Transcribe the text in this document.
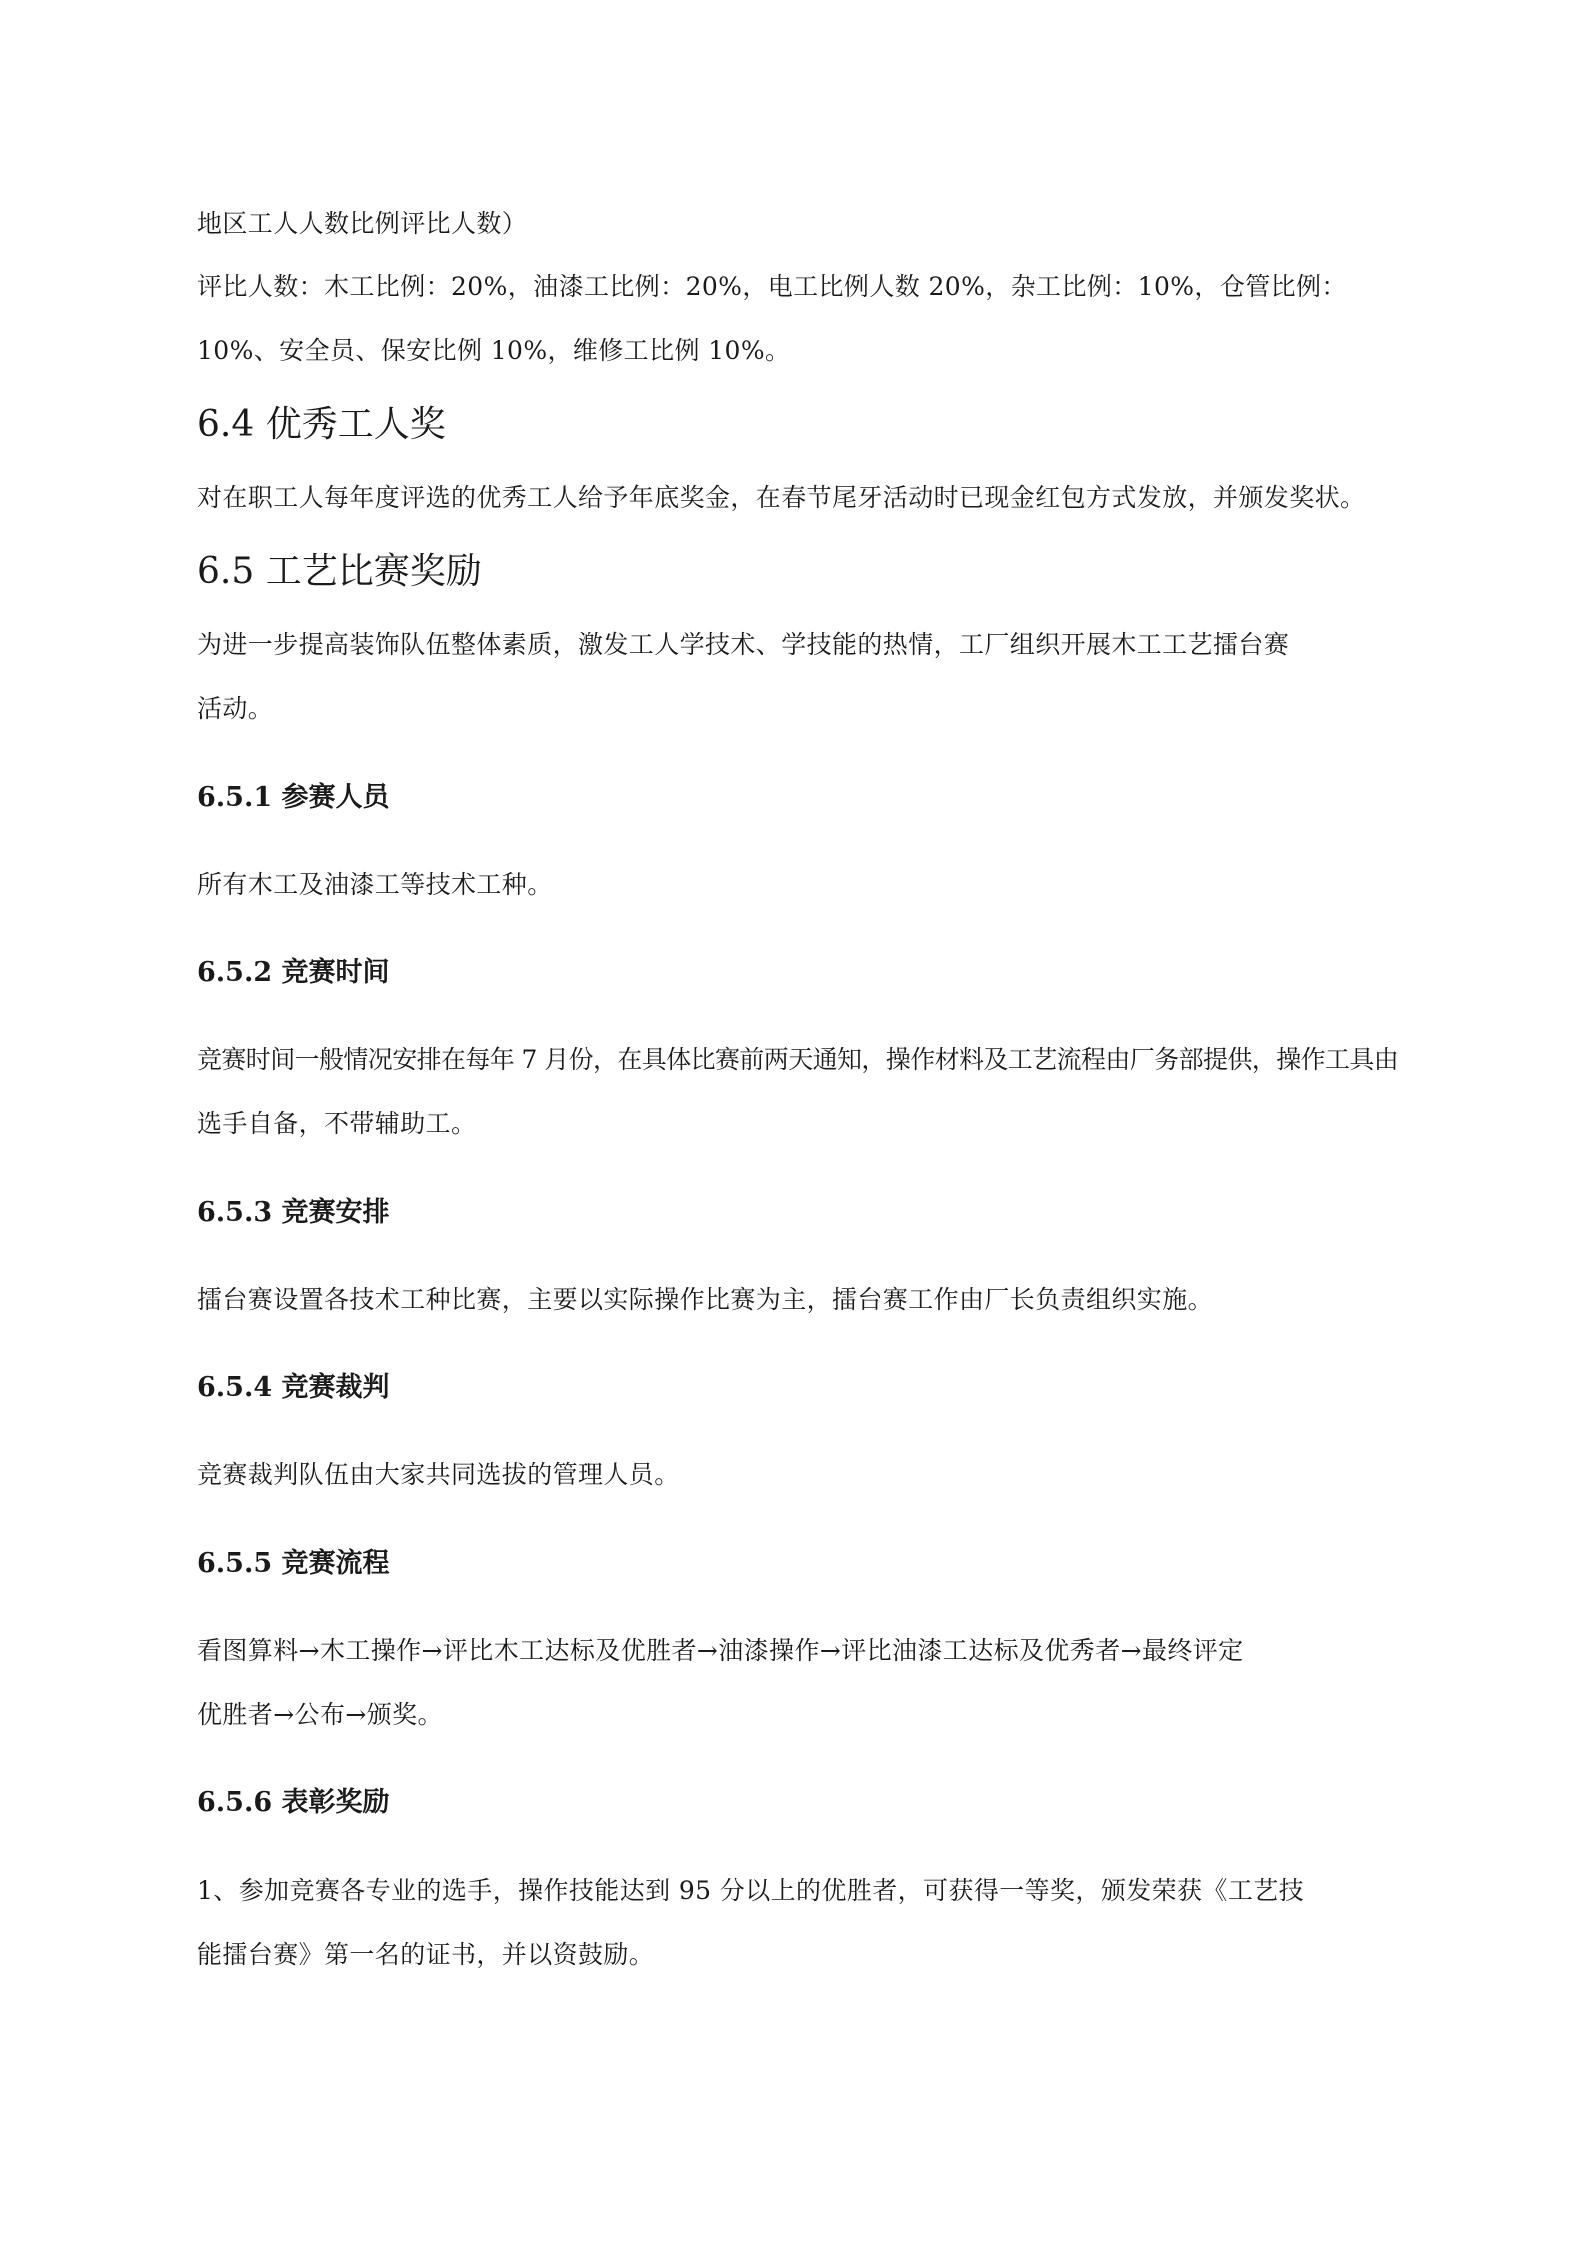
地区工人人数比例评比人数）

评比人数：木工比例：20%，油漆工比例：20%，电工比例人数 20%，杂工比例：10%，仓管比例：

10%、安全员、保安比例 10%，维修工比例 10%。

6.4 优秀工人奖

对在职工人每年度评选的优秀工人给予年底奖金，在春节尾牙活动时已现金红包方式发放，并颁发奖状。

6.5 工艺比赛奖励

为进一步提高装饰队伍整体素质，激发工人学技术、学技能的热情，工厂组织开展木工工艺擂台赛

活动。

6.5.1 参赛人员

所有木工及油漆工等技术工种。

6.5.2 竞赛时间

竞赛时间一般情况安排在每年 7 月份，在具体比赛前两天通知，操作材料及工艺流程由厂务部提供，操作工具由

选手自备，不带辅助工。

6.5.3 竞赛安排

擂台赛设置各技术工种比赛，主要以实际操作比赛为主，擂台赛工作由厂长负责组织实施。

6.5.4 竞赛裁判

竞赛裁判队伍由大家共同选拔的管理人员。

6.5.5 竞赛流程

看图算料→木工操作→评比木工达标及优胜者→油漆操作→评比油漆工达标及优秀者→最终评定

优胜者→公布→颁奖。

6.5.6 表彰奖励

1、参加竞赛各专业的选手，操作技能达到 95 分以上的优胜者，可获得一等奖，颁发荣获《工艺技

能擂台赛》第一名的证书，并以资鼓励。
